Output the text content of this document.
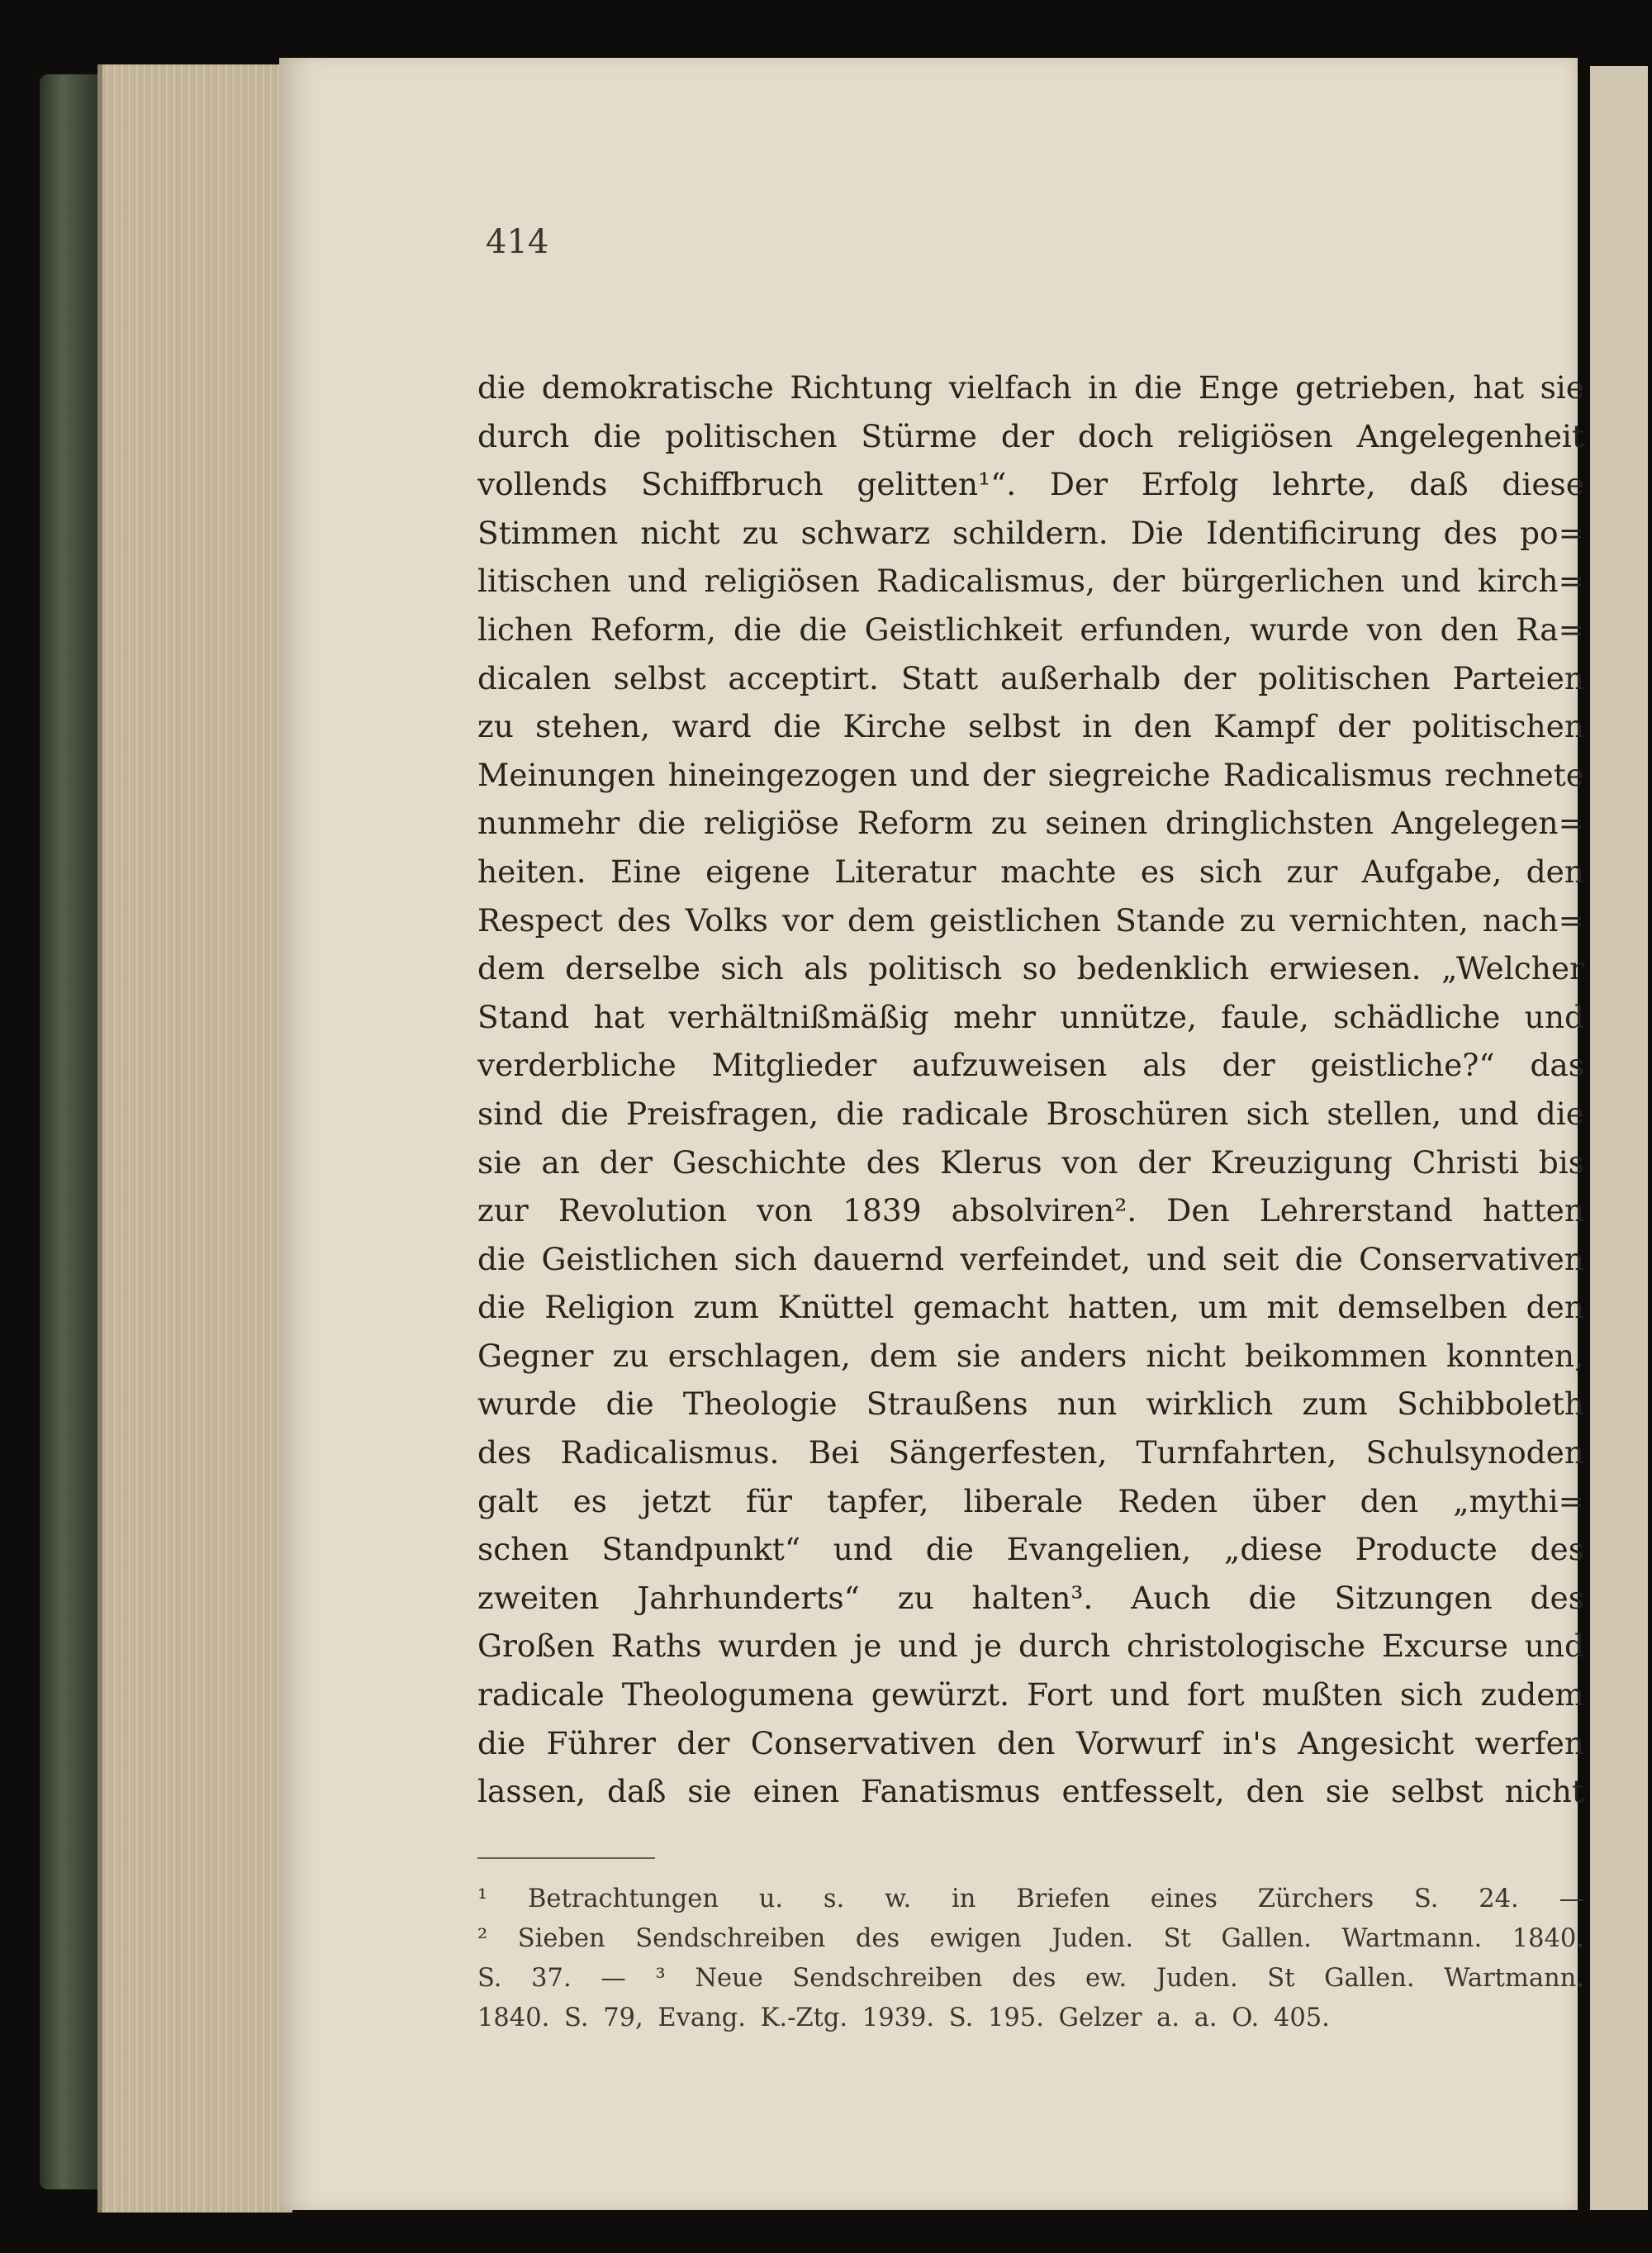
414
die demokratische Richtung vielfach in die Enge getrieben, hat sie
durch die politischen Stürme der doch religiösen Angelegenheit
vollends Schiffbruch gelitten¹“. Der Erfolg lehrte, daß diese
Stimmen nicht zu schwarz schildern. Die Identificirung des po=
litischen und religiösen Radicalismus, der bürgerlichen und kirch=
lichen Reform, die die Geistlichkeit erfunden, wurde von den Ra=
dicalen selbst acceptirt. Statt außerhalb der politischen Parteien
zu stehen, ward die Kirche selbst in den Kampf der politischen
Meinungen hineingezogen und der siegreiche Radicalismus rechnete
nunmehr die religiöse Reform zu seinen dringlichsten Angelegen=
heiten. Eine eigene Literatur machte es sich zur Aufgabe, den
Respect des Volks vor dem geistlichen Stande zu vernichten, nach=
dem derselbe sich als politisch so bedenklich erwiesen. „Welcher
Stand hat verhältnißmäßig mehr unnütze, faule, schädliche und
verderbliche Mitglieder aufzuweisen als der geistliche?“ das
sind die Preisfragen, die radicale Broschüren sich stellen, und die
sie an der Geschichte des Klerus von der Kreuzigung Christi bis
zur Revolution von 1839 absolviren². Den Lehrerstand hatten
die Geistlichen sich dauernd verfeindet, und seit die Conservativen
die Religion zum Knüttel gemacht hatten, um mit demselben den
Gegner zu erschlagen, dem sie anders nicht beikommen konnten,
wurde die Theologie Straußens nun wirklich zum Schibboleth
des Radicalismus. Bei Sängerfesten, Turnfahrten, Schulsynoden
galt es jetzt für tapfer, liberale Reden über den „mythi=
schen Standpunkt“ und die Evangelien, „diese Producte des
zweiten Jahrhunderts“ zu halten³. Auch die Sitzungen des
Großen Raths wurden je und je durch christologische Excurse und
radicale Theologumena gewürzt. Fort und fort mußten sich zudem
die Führer der Conservativen den Vorwurf in's Angesicht werfen
lassen, daß sie einen Fanatismus entfesselt, den sie selbst nicht
¹ Betrachtungen u. s. w. in Briefen eines Zürchers S. 24. —
² Sieben Sendschreiben des ewigen Juden. St Gallen. Wartmann. 1840.
S. 37. — ³ Neue Sendschreiben des ew. Juden. St Gallen. Wartmann.
1840. S. 79, Evang. K.-Ztg. 1939. S. 195. Gelzer a. a. O. 405.
